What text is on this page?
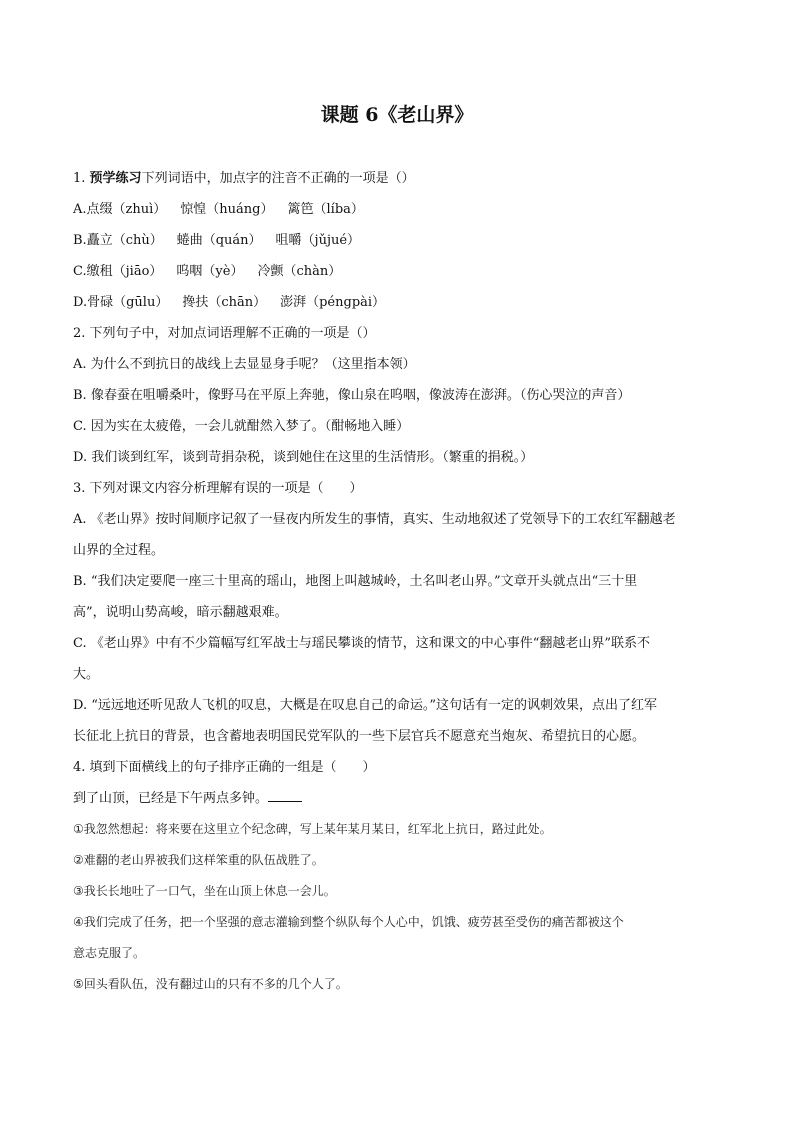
课题 6《老山界》
1. 预学练习下列词语中，加点字的注音不正确的一项是（）
A.点缀（zhuì） 惊惶（huáng） 篱笆（líba）
B.矗立（chù） 蜷曲（quán） 咀嚼（jǔjué）
C.缴租（jiāo） 呜咽（yè） 冷颤（chàn）
D.骨碌（gūlu） 搀扶（chān） 澎湃（péngpài）
2. 下列句子中，对加点词语理解不正确的一项是（）
A. 为什么不到抗日的战线上去显显身手呢？（这里指本领）
B. 像春蚕在咀嚼桑叶，像野马在平原上奔驰，像山泉在呜咽，像波涛在澎湃。（伤心哭泣的声音）
C. 因为实在太疲倦，一会儿就酣然入梦了。（酣畅地入睡）
D. 我们谈到红军，谈到苛捐杂税，谈到她住在这里的生活情形。（繁重的捐税。）
3. 下列对课文内容分析理解有误的一项是（　　）
A. 《老山界》按时间顺序记叙了一昼夜内所发生的事情，真实、生动地叙述了党领导下的工农红军翻越老
山界的全过程。
B. “我们决定要爬一座三十里高的瑶山，地图上叫越城岭，土名叫老山界。”文章开头就点出“三十里
高”，说明山势高峻，暗示翻越艰难。
C. 《老山界》中有不少篇幅写红军战士与瑶民攀谈的情节，这和课文的中心事件“翻越老山界”联系不
大。
D. “远远地还听见敌人飞机的叹息，大概是在叹息自己的命运。”这句话有一定的讽刺效果，点出了红军
长征北上抗日的背景，也含蓄地表明国民党军队的一些下层官兵不愿意充当炮灰、希望抗日的心愿。
4. 填到下面横线上的句子排序正确的一组是（　　）
到了山顶，已经是下午两点多钟。
①我忽然想起：将来要在这里立个纪念碑，写上某年某月某日，红军北上抗日，路过此处。
②难翻的老山界被我们这样笨重的队伍战胜了。
③我长长地吐了一口气，坐在山顶上休息一会儿。
④我们完成了任务，把一个坚强的意志灌输到整个纵队每个人心中，饥饿、疲劳甚至受伤的痛苦都被这个
意志克服了。
⑤回头看队伍，没有翻过山的只有不多的几个人了。
